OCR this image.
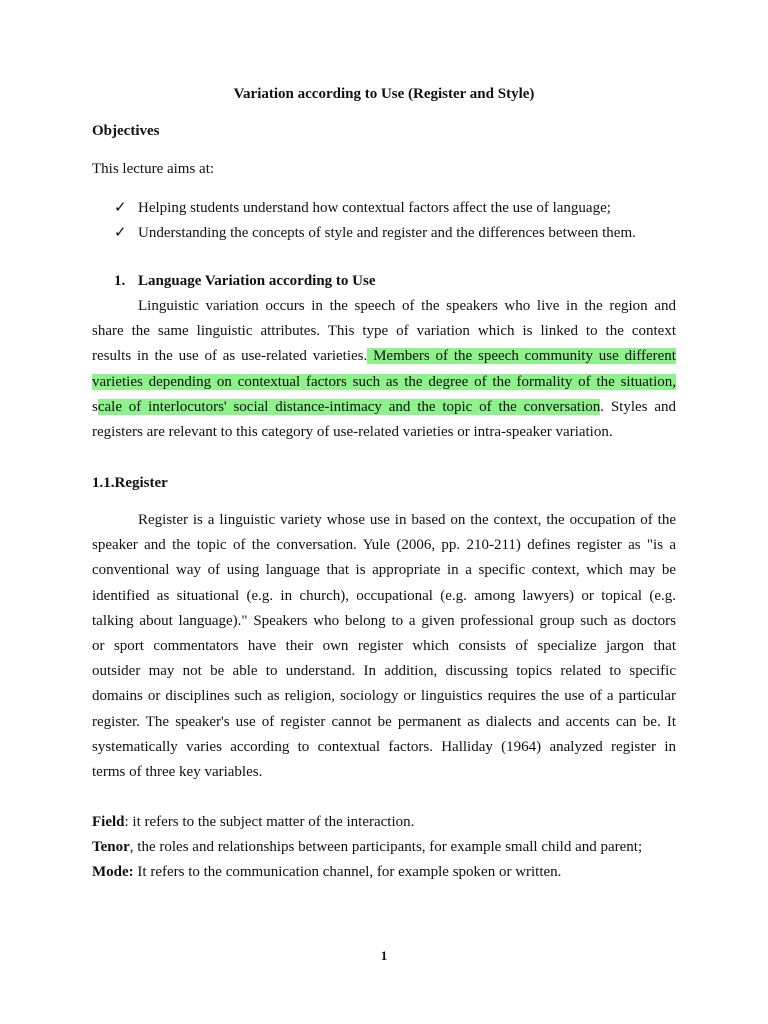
Variation according to Use (Register and Style)
Objectives
This lecture aims at:
✓ Helping students understand how contextual factors affect the use of language;
✓ Understanding the concepts of style and register and the differences between them.
1. Language Variation according to Use
Linguistic variation occurs in the speech of the speakers who live in the region and
share the same linguistic attributes. This type of variation which is linked to the context
results in the use of as use-related varieties. Members of the speech community use different
varieties depending on contextual factors such as the degree of the formality of the situation,
scale of interlocutors' social distance-intimacy and the topic of the conversation. Styles and
registers are relevant to this category of use-related varieties or intra-speaker variation.
1.1.Register
Register is a linguistic variety whose use in based on the context, the occupation of the
speaker and the topic of the conversation. Yule (2006, pp. 210-211) defines register as "is a
conventional way of using language that is appropriate in a specific context, which may be
identified as situational (e.g. in church), occupational (e.g. among lawyers) or topical (e.g.
talking about language)." Speakers who belong to a given professional group such as doctors
or sport commentators have their own register which consists of specialize jargon that
outsider may not be able to understand. In addition, discussing topics related to specific
domains or disciplines such as religion, sociology or linguistics requires the use of a particular
register. The speaker's use of register cannot be permanent as dialects and accents can be. It
systematically varies according to contextual factors. Halliday (1964) analyzed register in
terms of three key variables.
Field: it refers to the subject matter of the interaction.
Tenor, the roles and relationships between participants, for example small child and parent;
Mode: It refers to the communication channel, for example spoken or written.
1
